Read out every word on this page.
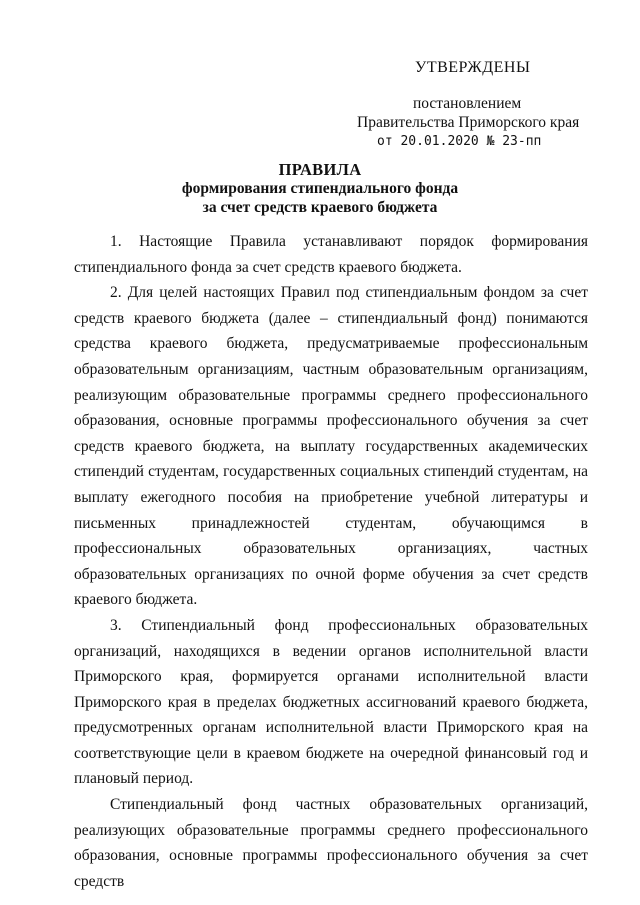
УТВЕРЖДЕНЫ
постановлением
Правительства Приморского края
от 20.01.2020 № 23-пп
ПРАВИЛА
формирования стипендиального фонда
за счет средств краевого бюджета

1. Настоящие Правила устанавливают порядок формирования стипендиального фонда за счет средств краевого бюджета.

2. Для целей настоящих Правил под стипендиальным фондом за счет средств краевого бюджета (далее – стипендиальный фонд) понимаются средства краевого бюджета, предусматриваемые профессиональным образовательным организациям, частным образовательным организациям, реализующим образовательные программы среднего профессионального образования, основные программы профессионального обучения за счет средств краевого бюджета, на выплату государственных академических стипендий студентам, государственных социальных стипендий студентам, на выплату ежегодного пособия на приобретение учебной литературы и письменных принадлежностей студентам, обучающимся в профессиональных образовательных организациях, частных образовательных организациях по очной форме обучения за счет средств краевого бюджета.

3. Стипендиальный фонд профессиональных образовательных организаций, находящихся в ведении органов исполнительной власти Приморского края, формируется органами исполнительной власти Приморского края в пределах бюджетных ассигнований краевого бюджета, предусмотренных органам исполнительной власти Приморского края на соответствующие цели в краевом бюджете на очередной финансовый год и плановый период.

Стипендиальный фонд частных образовательных организаций, реализующих образовательные программы среднего профессионального образования, основные программы профессионального обучения за счет средств
